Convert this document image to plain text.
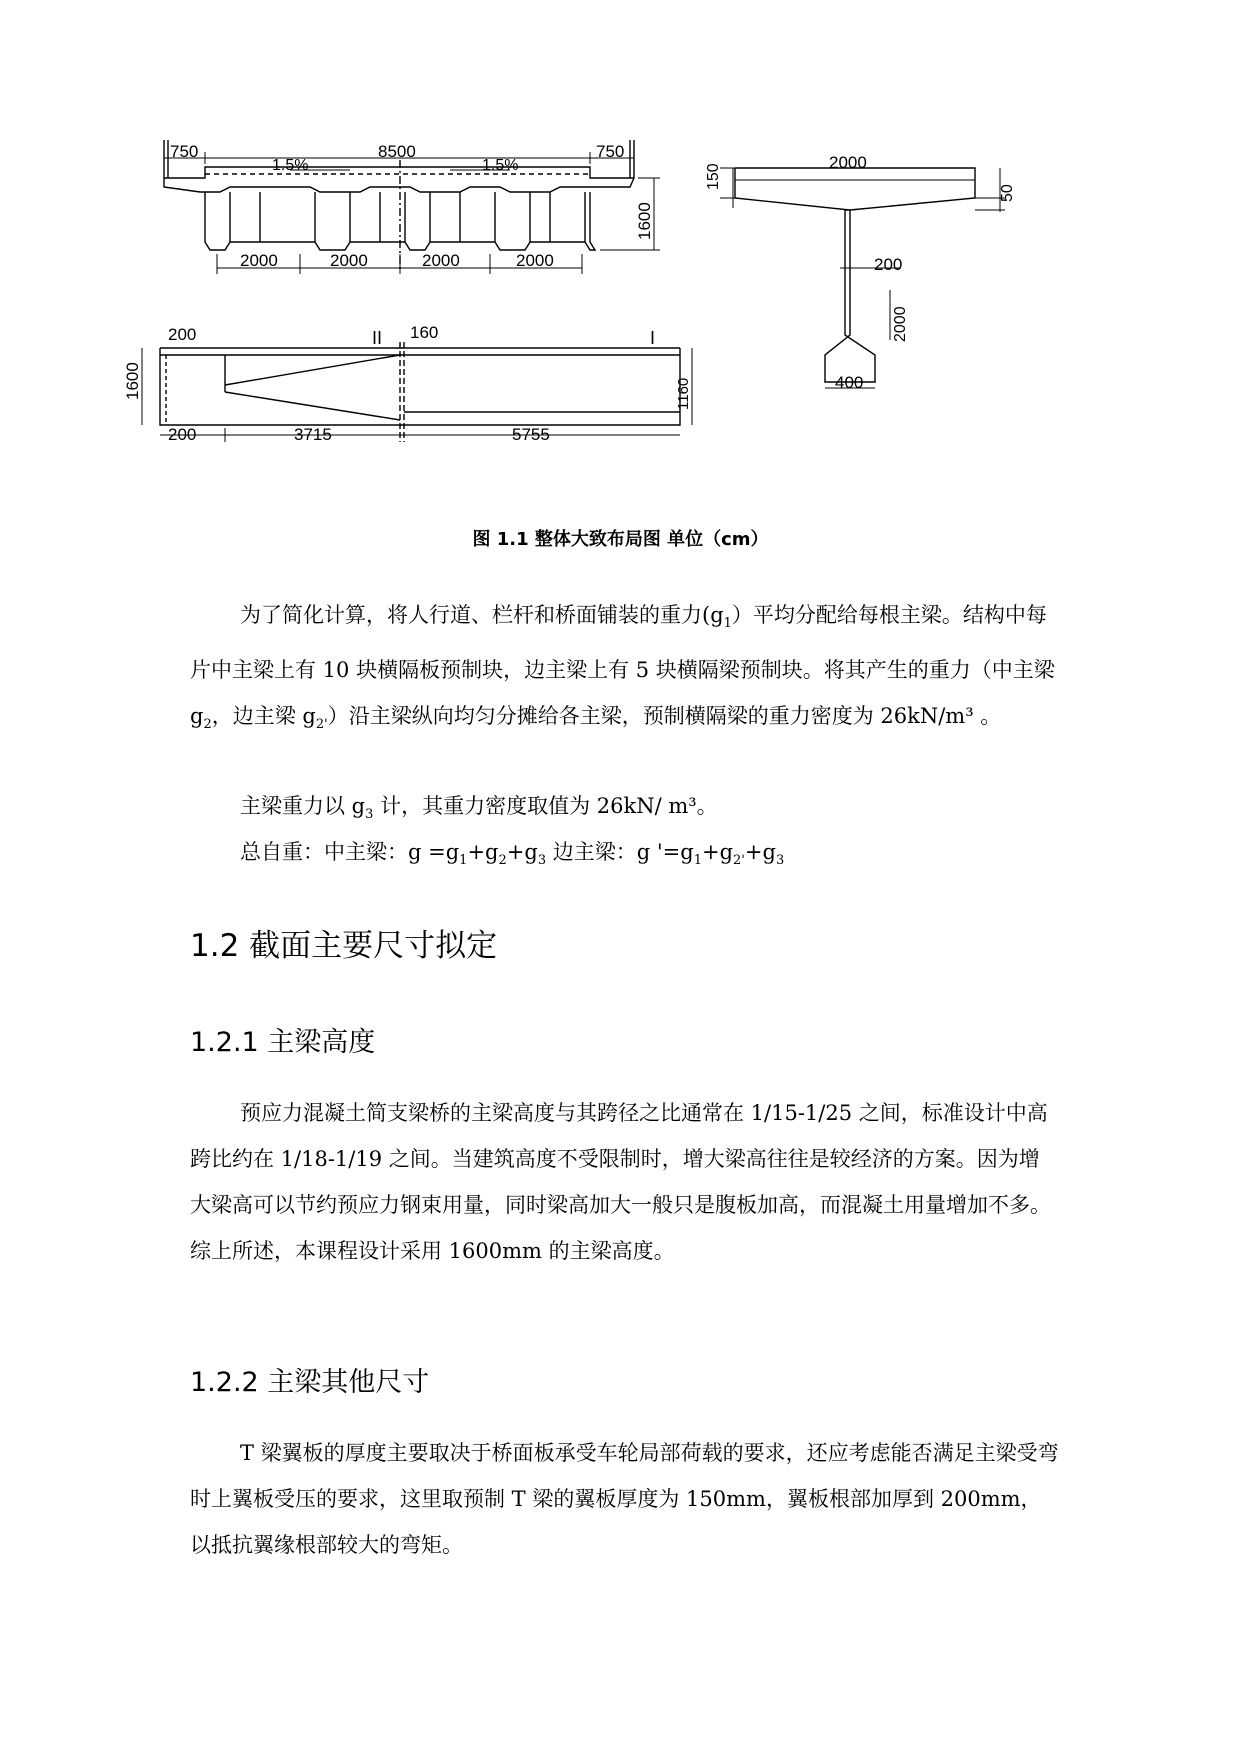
750	8500	750
1.5%	1.5%
2000	2000	2000	2000
1600
2000
200
400
150
50
2000
200	II 160	I
200	3715	5755
1600	1160
图 1.1 整体大致布局图 单位（cm）
为了简化计算，将人行道、栏杆和桥面铺装的重力$(g_1)$平均分配给每根主梁。结构中每片中主梁上有 10 块横隔板预制块，边主梁上有 5 块横隔梁预制块。将其产生的重力（中主梁 $g_2$，边主梁 $g_{2'}$）沿主梁纵向均匀分摊给各主梁，预制横隔梁的重力密度为 26kN/m³ 。
主梁重力以 $g_3$ 计，其重力密度取值为 26kN/ m³。
总自重：中主梁：$g =g_1+g_2+g_3$ 边主梁：g '$=g_1+g_{2'}+g_3$
1.2 截面主要尺寸拟定
1.2.1 主梁高度
预应力混凝土简支梁桥的主梁高度与其跨径之比通常在 1/15-1/25 之间，标准设计中高跨比约在 1/18-1/19 之间。当建筑高度不受限制时，增大梁高往往是较经济的方案。因为增大梁高可以节约预应力钢束用量，同时梁高加大一般只是腹板加高，而混凝土用量增加不多。综上所述，本课程设计采用 1600mm 的主梁高度。
1.2.2 主梁其他尺寸
T 梁翼板的厚度主要取决于桥面板承受车轮局部荷载的要求，还应考虑能否满足主梁受弯时上翼板受压的要求，这里取预制 T 梁的翼板厚度为 150mm，翼板根部加厚到 200mm，以抵抗翼缘根部较大的弯矩。
